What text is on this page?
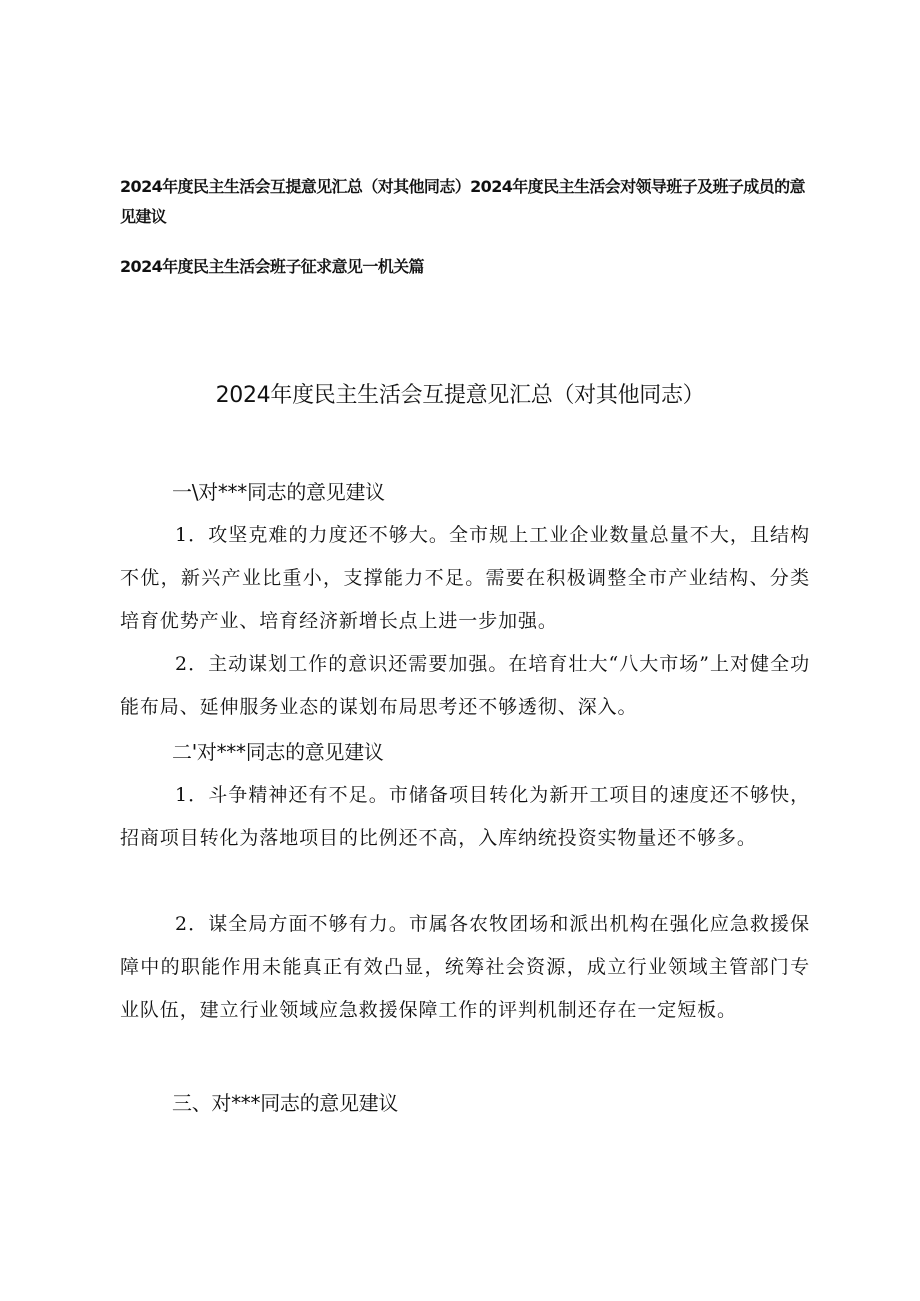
2024年度民主生活会互提意见汇总（对其他同志）2024年度民主生活会对领导班子及班子成员的意见建议
2024年度民主生活会班子征求意见一机关篇
2024年度民主生活会互提意见汇总（对其他同志）
一\对***同志的意见建议
1．攻坚克难的力度还不够大。全市规上工业企业数量总量不大，且结构不优，新兴产业比重小，支撑能力不足。需要在积极调整全市产业结构、分类培育优势产业、培育经济新增长点上进一步加强。
2．主动谋划工作的意识还需要加强。在培育壮大“八大市场”上对健全功能布局、延伸服务业态的谋划布局思考还不够透彻、深入。
二'对***同志的意见建议
1．斗争精神还有不足。市储备项目转化为新开工项目的速度还不够快，招商项目转化为落地项目的比例还不高，入库纳统投资实物量还不够多。
2．谋全局方面不够有力。市属各农牧团场和派出机构在强化应急救援保障中的职能作用未能真正有效凸显，统筹社会资源，成立行业领域主管部门专业队伍，建立行业领域应急救援保障工作的评判机制还存在一定短板。
三、对***同志的意见建议
